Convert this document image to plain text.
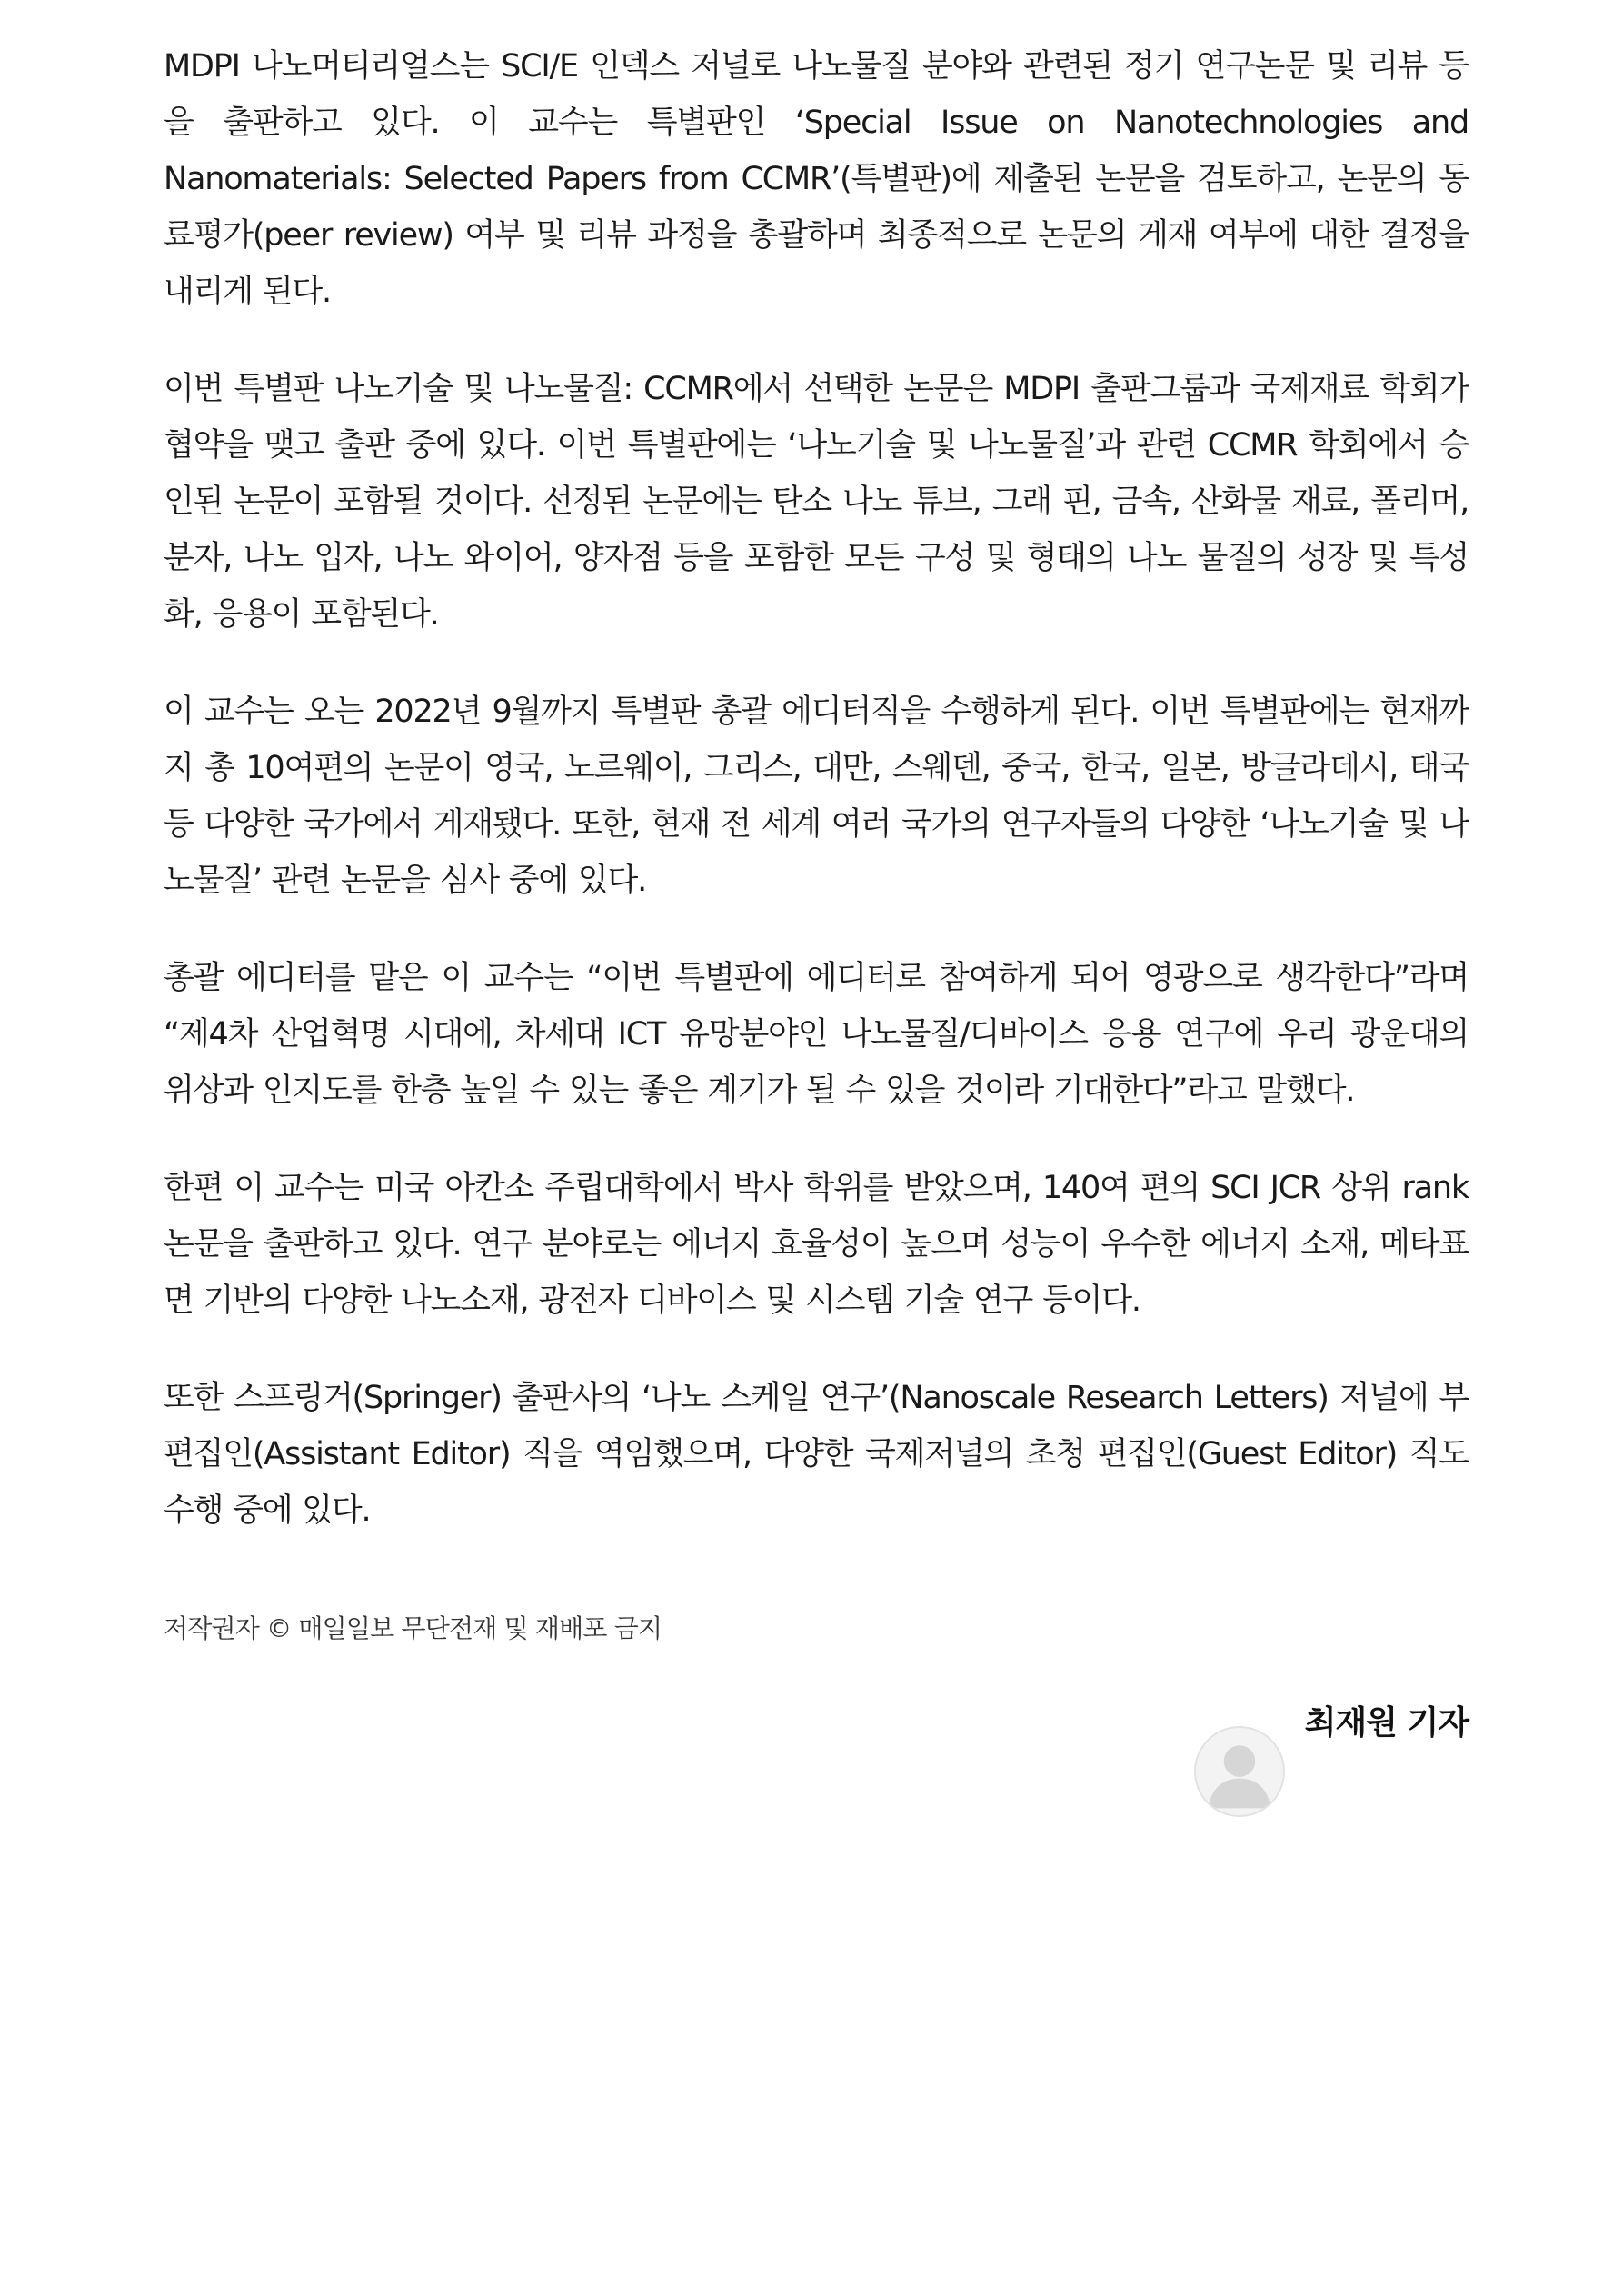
MDPI 나노머티리얼스는 SCI/E 인덱스 저널로 나노물질 분야와 관련된 정기 연구논문 및 리뷰 등을 출판하고 있다. 이 교수는 특별판인 ‘Special Issue on Nanotechnologies and Nanomaterials: Selected Papers from CCMR’(특별판)에 제출된 논문을 검토하고, 논문의 동료평가(peer review) 여부 및 리뷰 과정을 총괄하며 최종적으로 논문의 게재 여부에 대한 결정을 내리게 된다.

이번 특별판 나노기술 및 나노물질: CCMR에서 선택한 논문은 MDPI 출판그룹과 국제재료 학회가 협약을 맺고 출판 중에 있다. 이번 특별판에는 ‘나노기술 및 나노물질’과 관련 CCMR 학회에서 승인된 논문이 포함될 것이다. 선정된 논문에는 탄소 나노 튜브, 그래 핀, 금속, 산화물 재료, 폴리머, 분자, 나노 입자, 나노 와이어, 양자점 등을 포함한 모든 구성 및 형태의 나노 물질의 성장 및 특성화, 응용이 포함된다.

이 교수는 오는 2022년 9월까지 특별판 총괄 에디터직을 수행하게 된다. 이번 특별판에는 현재까지 총 10여편의 논문이 영국, 노르웨이, 그리스, 대만, 스웨덴, 중국, 한국, 일본, 방글라데시, 태국 등 다양한 국가에서 게재됐다. 또한, 현재 전 세계 여러 국가의 연구자들의 다양한 ‘나노기술 및 나노물질’ 관련 논문을 심사 중에 있다.

총괄 에디터를 맡은 이 교수는 “이번 특별판에 에디터로 참여하게 되어 영광으로 생각한다”라며 “제4차 산업혁명 시대에, 차세대 ICT 유망분야인 나노물질/디바이스 응용 연구에 우리 광운대의 위상과 인지도를 한층 높일 수 있는 좋은 계기가 될 수 있을 것이라 기대한다”라고 말했다.

한편 이 교수는 미국 아칸소 주립대학에서 박사 학위를 받았으며, 140여 편의 SCI JCR 상위 rank 논문을 출판하고 있다. 연구 분야로는 에너지 효율성이 높으며 성능이 우수한 에너지 소재, 메타표면 기반의 다양한 나노소재, 광전자 디바이스 및 시스템 기술 연구 등이다.

또한 스프링거(Springer) 출판사의 ‘나노 스케일 연구’(Nanoscale Research Letters) 저널에 부편집인(Assistant Editor) 직을 역임했으며, 다양한 국제저널의 초청 편집인(Guest Editor) 직도 수행 중에 있다.

저작권자 © 매일일보 무단전재 및 재배포 금지
최재원 기자
